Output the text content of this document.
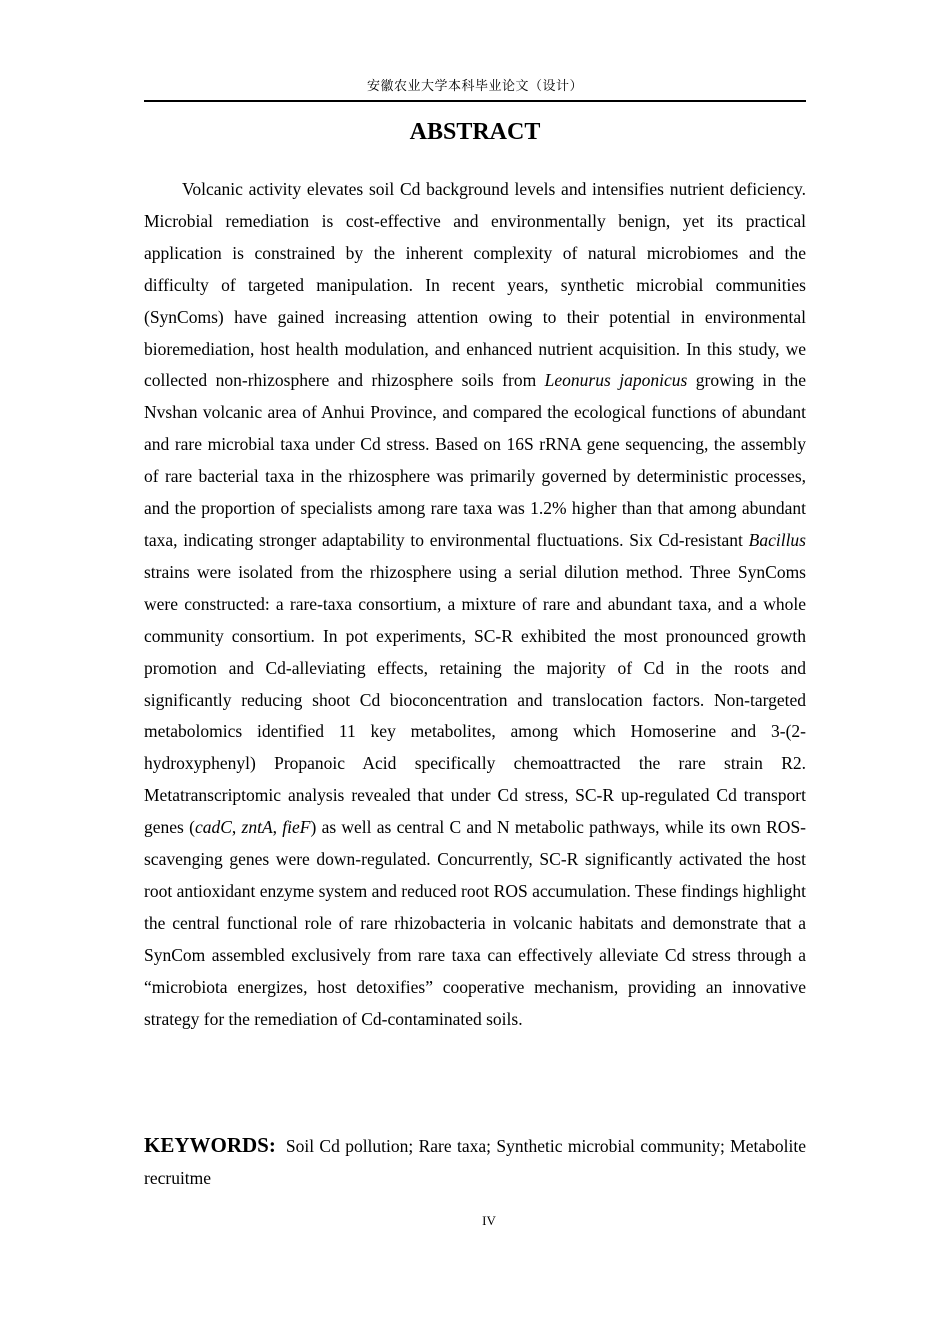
安徽农业大学本科毕业论文（设计）
ABSTRACT

Volcanic activity elevates soil Cd background levels and intensifies nutrient deficiency. Microbial remediation is cost-effective and environmentally benign, yet its practical application is constrained by the inherent complexity of natural microbiomes and the difficulty of targeted manipulation. In recent years, synthetic microbial communities (SynComs) have gained increasing attention owing to their potential in environmental bioremediation, host health modulation, and enhanced nutrient acquisition. In this study, we collected non-rhizosphere and rhizosphere soils from Leonurus japonicus growing in the Nvshan volcanic area of Anhui Province, and compared the ecological functions of abundant and rare microbial taxa under Cd stress. Based on 16S rRNA gene sequencing, the assembly of rare bacterial taxa in the rhizosphere was primarily governed by deterministic processes, and the proportion of specialists among rare taxa was 1.2% higher than that among abundant taxa, indicating stronger adaptability to environmental fluctuations. Six Cd-resistant Bacillus strains were isolated from the rhizosphere using a serial dilution method. Three SynComs were constructed: a rare-taxa consortium, a mixture of rare and abundant taxa, and a whole community consortium. In pot experiments, SC-R exhibited the most pronounced growth promotion and Cd-alleviating effects, retaining the majority of Cd in the roots and significantly reducing shoot Cd bioconcentration and translocation factors. Non-targeted metabolomics identified 11 key metabolites, among which Homoserine and 3-(2-hydroxyphenyl) Propanoic Acid specifically chemoattracted the rare strain R2. Metatranscriptomic analysis revealed that under Cd stress, SC-R up-regulated Cd transport genes (cadC, zntA, fieF) as well as central C and N metabolic pathways, while its own ROS-scavenging genes were down-regulated. Concurrently, SC-R significantly activated the host root antioxidant enzyme system and reduced root ROS accumulation. These findings highlight the central functional role of rare rhizobacteria in volcanic habitats and demonstrate that a SynCom assembled exclusively from rare taxa can effectively alleviate Cd stress through a “microbiota energizes, host detoxifies” cooperative mechanism, providing an innovative strategy for the remediation of Cd-contaminated soils.

KEYWORDS: Soil Cd pollution; Rare taxa; Synthetic microbial community; Metabolite recruitme

IV
